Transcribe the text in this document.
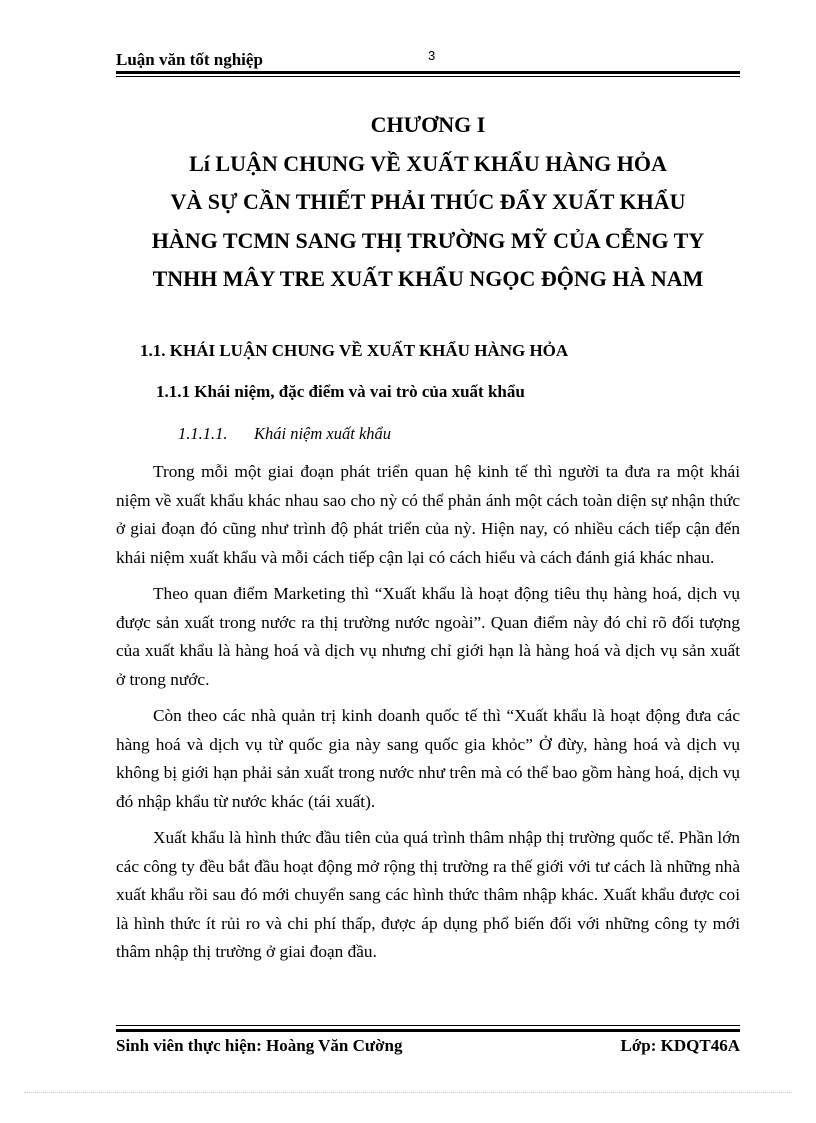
Luận văn tốt nghiệp	3
CHƯƠNG I
Lí LUẬN CHUNG VỀ XUẤT KHẨU HÀNG HỎA
VÀ SỰ CẦN THIẾT PHẢI THÚC ĐẨY XUẤT KHẨU
HÀNG TCMN SANG THỊ TRƯỜNG MỸ CỦA CỄNG TY
TNHH MÂY TRE XUẤT KHẨU NGỌC ĐỘNG HÀ NAM
1.1. KHÁI LUẬN CHUNG VỀ XUẤT KHẨU HÀNG HỎA
1.1.1 Khái niệm, đặc điểm và vai trò của xuất khẩu
1.1.1.1. Khái niệm xuất khẩu

Trong mỗi một giai đoạn phát triển quan hệ kinh tế thì người ta đưa ra một khái niệm về xuất khẩu khác nhau sao cho nỳ có thể phản ánh một cách toàn diện sự nhận thức ở giai đoạn đó cũng như trình độ phát triển của nỳ. Hiện nay, có nhiều cách tiếp cận đến khái niệm xuất khẩu và mỗi cách tiếp cận lại có cách hiểu và cách đánh giá khác nhau.

Theo quan điểm Marketing thì “Xuất khẩu là hoạt động tiêu thụ hàng hoá, dịch vụ được sản xuất trong nước ra thị trường nước ngoài”. Quan điểm này đó chỉ rõ đối tượng của xuất khẩu là hàng hoá và dịch vụ nhưng chỉ giới hạn là hàng hoá và dịch vụ sản xuất ở trong nước.

Còn theo các nhà quản trị kinh doanh quốc tế thì “Xuất khẩu là hoạt động đưa các hàng hoá và dịch vụ từ quốc gia này sang quốc gia khỏc” Ở đừy, hàng hoá và dịch vụ không bị giới hạn phải sản xuất trong nước như trên mà có thể bao gồm hàng hoá, dịch vụ đó nhập khẩu từ nước khác (tái xuất).

Xuất khẩu là hình thức đầu tiên của quá trình thâm nhập thị trường quốc tế. Phần lớn các công ty đều bắt đầu hoạt động mở rộng thị trường ra thế giới với tư cách là những nhà xuất khẩu rồi sau đó mới chuyển sang các hình thức thâm nhập khác. Xuất khẩu được coi là hình thức ít rủi ro và chi phí thấp, được áp dụng phổ biến đối với những công ty mới thâm nhập thị trường ở giai đoạn đầu.

Sinh viên thực hiện: Hoàng Văn Cường	Lớp: KDQT46A
